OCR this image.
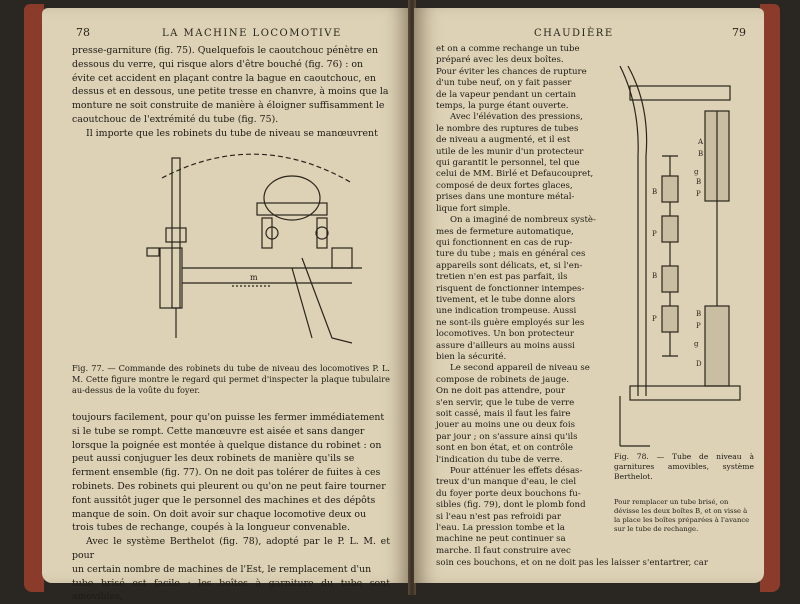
78	LA MACHINE LOCOMOTIVE

presse-garniture (fig. 75). Quelquefois le caoutchouc pénètre en

dessous du verre, qui risque alors d'être bouché (fig. 76) : on

évite cet accident en plaçant contre la bague en caoutchouc, en

dessus et en dessous, une petite tresse en chanvre, à moins que la

monture ne soit construite de manière à éloigner suffisamment le

caoutchouc de l'extrémité du tube (fig. 75).

Il importe que les robinets du tube de niveau se manœuvrent

m
Fig. 77. — Commande des robinets du tube de niveau des locomotives P. L. M. Cette figure montre le regard qui permet d'inspecter la plaque tubulaire au-dessus de la voûte du foyer.

toujours facilement, pour qu'on puisse les fermer immédiatement

si le tube se rompt. Cette manœuvre est aisée et sans danger

lorsque la poignée est montée à quelque distance du robinet : on

peut aussi conjuguer les deux robinets de manière qu'ils se

ferment ensemble (fig. 77). On ne doit pas tolérer de fuites à ces

robinets. Des robinets qui pleurent ou qu'on ne peut faire tourner

font aussitôt juger que le personnel des machines et des dépôts

manque de soin. On doit avoir sur chaque locomotive deux ou

trois tubes de rechange, coupés à la longueur convenable.

Avec le système Berthelot (fig. 78), adopté par le P. L. M. et pour

un certain nombre de machines de l'Est, le remplacement d'un

tube brisé est facile : les boîtes à garniture du tube sont amovibles,

CHAUDIÈRE	79

et on a comme rechange un tube

préparé avec les deux boîtes.

Pour éviter les chances de rupture

d'un tube neuf, on y fait passer

de la vapeur pendant un certain

temps, la purge étant ouverte.

Avec l'élévation des pressions,

le nombre des ruptures de tubes

de niveau a augmenté, et il est

utile de les munir d'un protecteur

qui garantit le personnel, tel que

celui de MM. Birlé et Defaucoupret,

composé de deux fortes glaces,

prises dans une monture métal-

lique fort simple.

On a imaginé de nombreux systè-

mes de fermeture automatique,

qui fonctionnent en cas de rup-

ture du tube ; mais en général ces

appareils sont délicats, et, si l'en-

tretien n'en est pas parfait, ils

risquent de fonctionner intempes-

tivement, et le tube donne alors

une indication trompeuse. Aussi

ne sont-ils guère employés sur les

locomotives. Un bon protecteur

assure d'ailleurs au moins aussi

bien la sécurité.

Le second appareil de niveau se

compose de robinets de jauge.

On ne doit pas attendre, pour

s'en servir, que le tube de verre

soit cassé, mais il faut les faire

jouer au moins une ou deux fois

par jour ; on s'assure ainsi qu'ils

sont en bon état, et on contrôle

l'indication du tube de verre.

Pour atténuer les effets désas-

treux d'un manque d'eau, le ciel

du foyer porte deux bouchons fu-

sibles (fig. 79), dont le plomb fond

si l'eau n'est pas refroidi par

l'eau. La pression tombe et la

machine ne peut continuer sa

marche. Il faut construire avec

soin ces bouchons, et on ne doit pas les laisser s'entartrer, car

A
B
g
B
P
B
P
B
P
B
P
g
D
Fig. 78. — Tube de niveau à garnitures amovibles, système Berthelot.
Pour remplacer un tube brisé, on dévisse les deux boîtes B, et on visse à la place les boîtes préparées à l'avance sur le tube de rechange.
